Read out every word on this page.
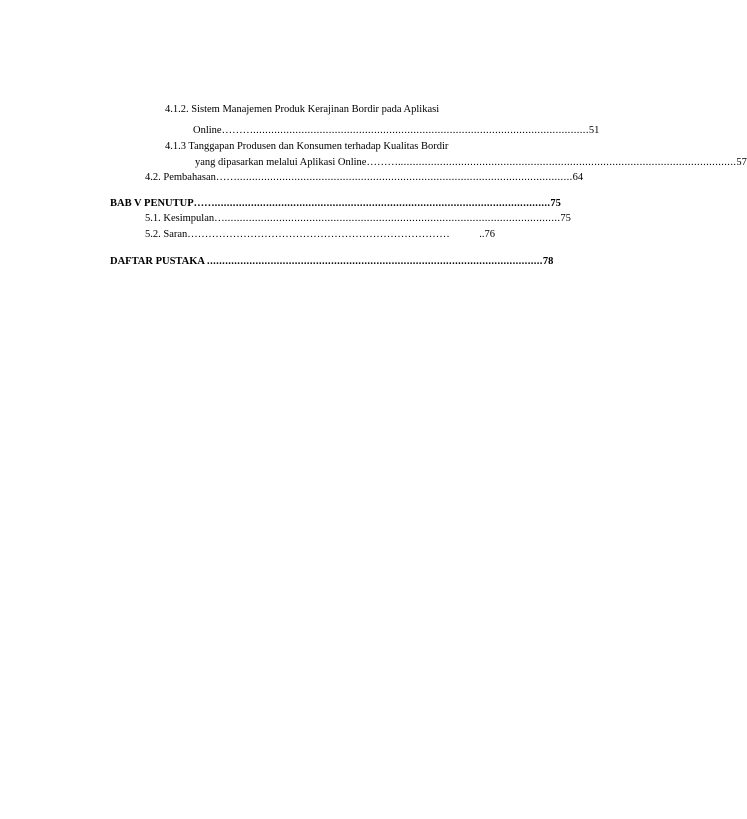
4.1.2. Sistem Manajemen Produk Kerajinan Bordir pada Aplikasi
Online ……… ............................................................................................................... 51
4.1.3 Tanggapan Produsen dan Konsumen terhadap Kualitas Bordir
yang dipasarkan melalui Aplikasi Online ………. ............................................................................................................... 57
4.2. Pembahasan …… ............................................................................................................... 64
BAB V PENUTUP …… ............................................................................................................... 75
5.1. Kesimpulan … ............................................................................................................... 75
5.2. Saran …………………………………………………………………	..76
DAFTAR PUSTAKA ............................................................................................................... 78
